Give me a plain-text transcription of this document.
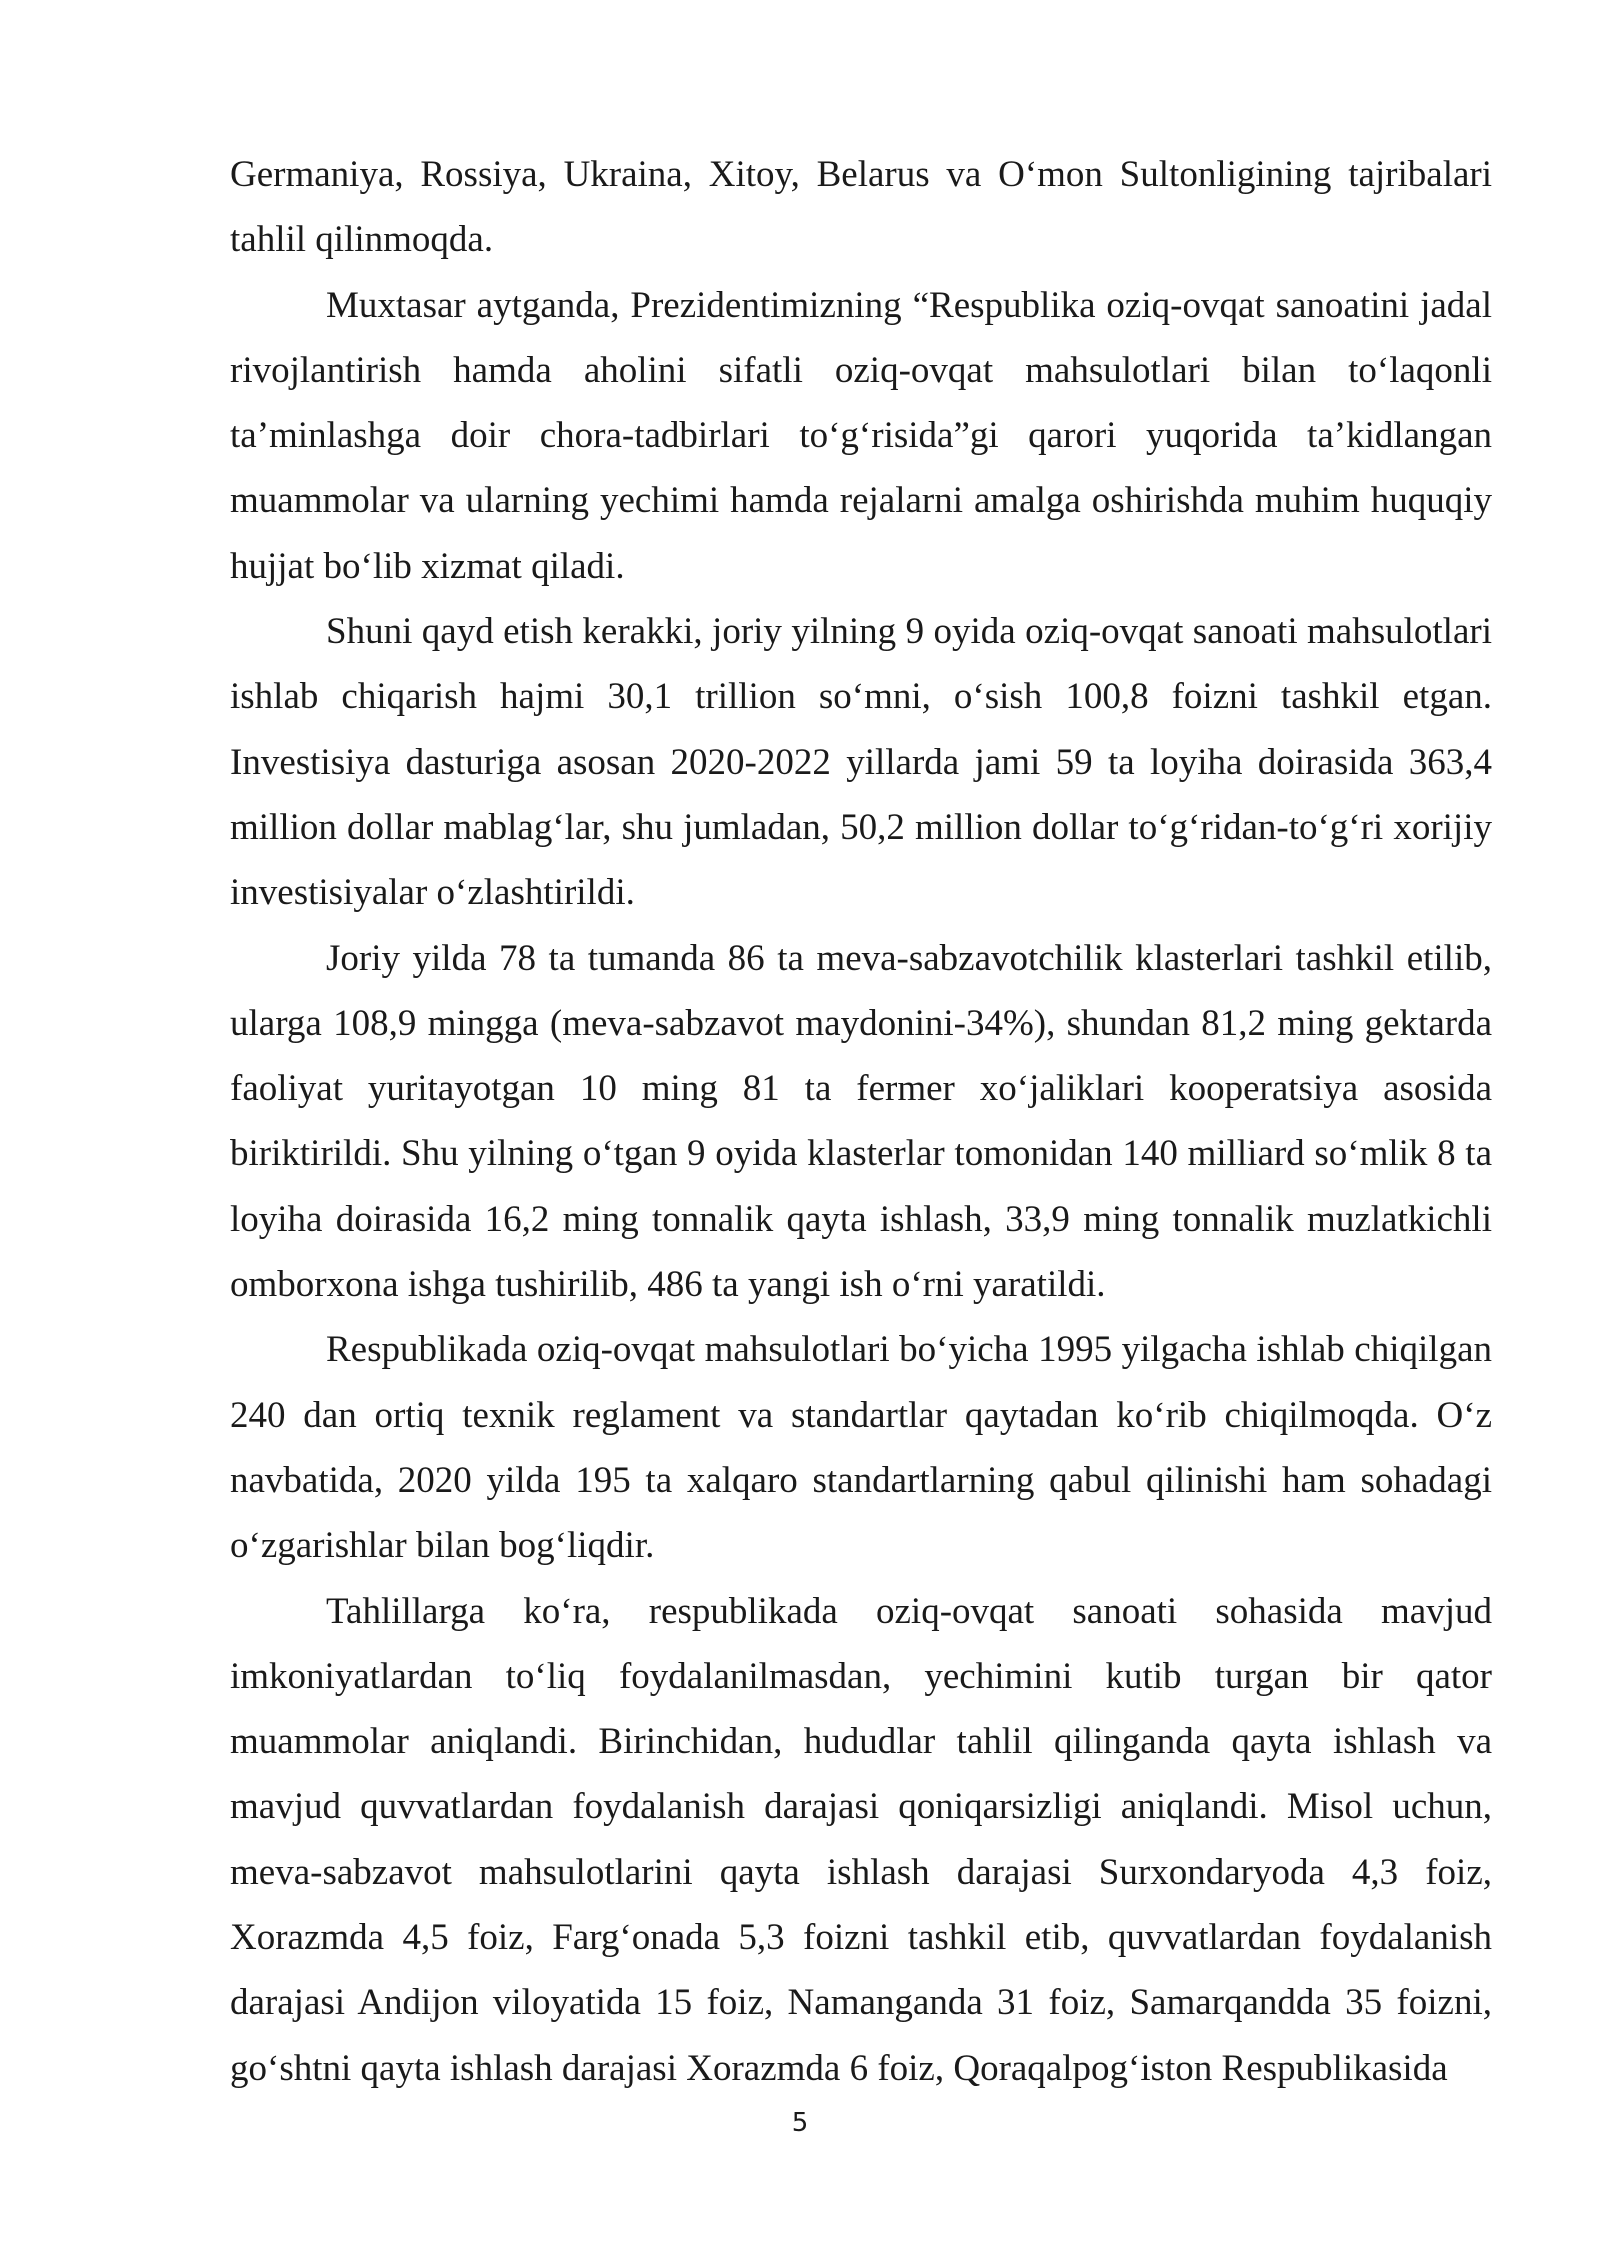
Germaniya, Rossiya, Ukraina, Xitoy, Belarus va O‘mon Sultonligining tajribalari tahlil qilinmoqda.

Muxtasar aytganda, Prezidentimizning “Respublika oziq-ovqat sanoatini jadal rivojlantirish hamda aholini sifatli oziq-ovqat mahsulotlari bilan to‘laqonli ta’minlashga doir chora-tadbirlari to‘g‘risida”gi qarori yuqorida ta’kidlangan muammolar va ularning yechimi hamda rejalarni amalga oshirishda muhim huquqiy hujjat bo‘lib xizmat qiladi.

Shuni qayd etish kerakki, joriy yilning 9 oyida oziq-ovqat sanoati mahsulotlari ishlab chiqarish hajmi 30,1 trillion so‘mni, o‘sish 100,8 foizni tashkil etgan. Investisiya dasturiga asosan 2020-2022 yillarda jami 59 ta loyiha doirasida 363,4 million dollar mablag‘lar, shu jumladan, 50,2 million dollar to‘g‘ridan-to‘g‘ri xorijiy investisiyalar o‘zlashtirildi.

Joriy yilda 78 ta tumanda 86 ta meva-sabzavotchilik klasterlari tashkil etilib, ularga 108,9 mingga (meva-sabzavot maydonini-34%), shundan 81,2 ming gektarda faoliyat yuritayotgan 10 ming 81 ta fermer xo‘jaliklari kooperatsiya asosida biriktirildi. Shu yilning o‘tgan 9 oyida klasterlar tomonidan 140 milliard so‘mlik 8 ta loyiha doirasida 16,2 ming tonnalik qayta ishlash, 33,9 ming tonnalik muzlatkichli omborxona ishga tushirilib, 486 ta yangi ish o‘rni yaratildi.

Respublikada oziq-ovqat mahsulotlari bo‘yicha 1995 yilgacha ishlab chiqilgan 240 dan ortiq texnik reglament va standartlar qaytadan ko‘rib chiqilmoqda. O‘z navbatida, 2020 yilda 195 ta xalqaro standartlarning qabul qilinishi ham sohadagi o‘zgarishlar bilan bog‘liqdir.

Tahlillarga ko‘ra, respublikada oziq-ovqat sanoati sohasida mavjud imkoniyatlardan to‘liq foydalanilmasdan, yechimini kutib turgan bir qator muammolar aniqlandi. Birinchidan, hududlar tahlil qilinganda qayta ishlash va mavjud quvvatlardan foydalanish darajasi qoniqarsizligi aniqlandi. Misol uchun, meva-sabzavot mahsulotlarini qayta ishlash darajasi Surxondaryoda 4,3 foiz, Xorazmda 4,5 foiz, Farg‘onada 5,3 foizni tashkil etib, quvvatlardan foydalanish darajasi Andijon viloyatida 15 foiz, Namanganda 31 foiz, Samarqandda 35 foizni, go‘shtni qayta ishlash darajasi Xorazmda 6 foiz, Qoraqalpog‘iston Respublikasida

5
